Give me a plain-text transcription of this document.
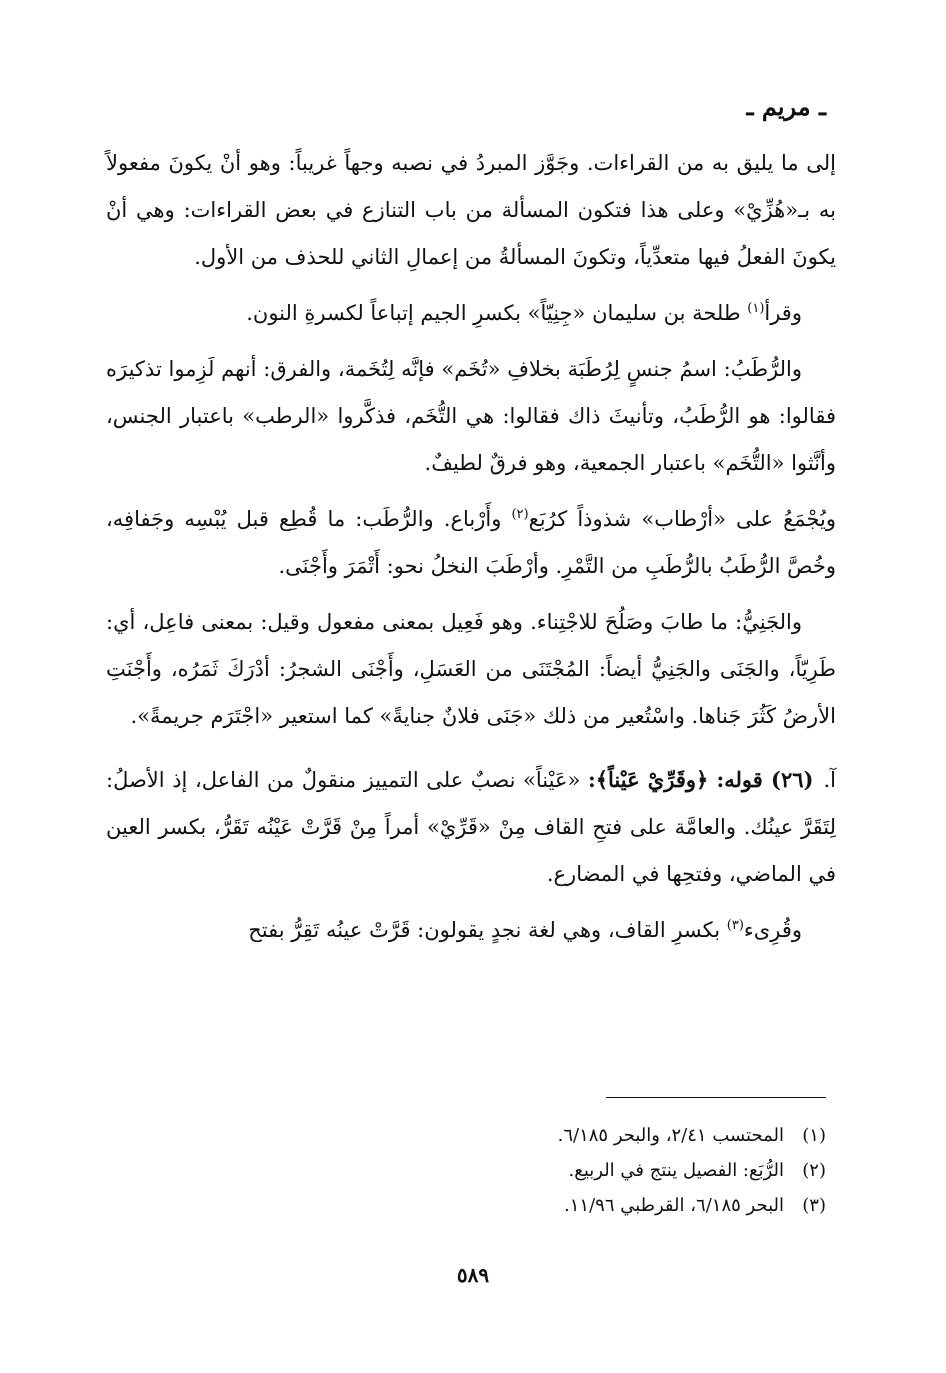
ـ مريم ـ

إلى ما يليق به من القراءات. وجَوَّز المبردُ في نصبه وجهاً غريباً: وهو أنْ يكونَ مفعولاً به بـ«هُزِّيْ» وعلى هذا فتكون المسألة من باب التنازع في بعض القراءات: وهي أنْ يكونَ الفعلُ فيها متعدِّياً، وتكونَ المسألةُ من إعمالِ الثاني للحذف من الأول.

وقرأ$^{(١)}$ طلحة بن سليمان «جِنِيّاً» بكسرِ الجيم إتباعاً لكسرةِ النون.

والرُّطَبُ: اسمُ جنسٍ لِرُطَبَة بخلافِ «تُخَم» فإنَّه لِتُخَمة، والفرق: أنهم لَزِموا تذكيرَه فقالوا: هو الرُّطَبُ، وتأنيثَ ذاك فقالوا: هي التُّخَم، فذكَّروا «الرطب» باعتبار الجنس، وأنَّثوا «التُّخَم» باعتبار الجمعية، وهو فرقٌ لطيفٌ.

ويُجْمَعُ على «أرْطاب» شذوذاً كرُبَع$^{(٢)}$ وأَرْباع. والرُّطَب: ما قُطِع قبل يُبْسِه وجَفافِه، وخُصَّ الرُّطَبُ بالرُّطَبِ من التَّمْرِ. وأرْطَبَ النخلُ نحو: أَتْمَرَ وأَجْنَى.

والجَنِيُّ: ما طابَ وصَلُحَ للاجْتِناء. وهو فَعِيل بمعنى مفعول وقيل: بمعنى فاعِل، أي: طَرِيّاً، والجَنَى والجَنِيُّ أيضاً: المُجْتَنَى من العَسَلِ، وأَجْنَى الشجرُ: أدْرَكَ ثَمَرُه، وأَجْنَتِ الأرضُ كَثُرَ جَناها. واسْتُعير من ذلك «جَنَى فلانٌ جنايةً» كما استعير «اجْتَرَم جريمةً».

آ.(٢٦) قوله: ﴿وقَرِّيْ عَيْناً﴾: «عَيْناً» نصبٌ على التمييز منقولٌ من الفاعل، إذ الأصلُ: لِتَقَرَّ عينُك. والعامَّة على فتحِ القاف مِنْ «قَرِّيْ» أمراً مِنْ قَرَّتْ عَيْنُه تَقَرُّ، بكسر العين في الماضي، وفتحِها في المضارع.

وقُرِىء$^{(٣)}$ بكسرِ القاف، وهي لغة نجدٍ يقولون: قَرَّتْ عينُه تَقِرُّ بفتح

(١)المحتسب ٢/٤١، والبحر ٦/١٨٥.

(٢)الرُّبَع: الفصيل ينتج في الربيع.

(٣)البحر ٦/١٨٥، القرطبي ١١/٩٦.

٥٨٩
